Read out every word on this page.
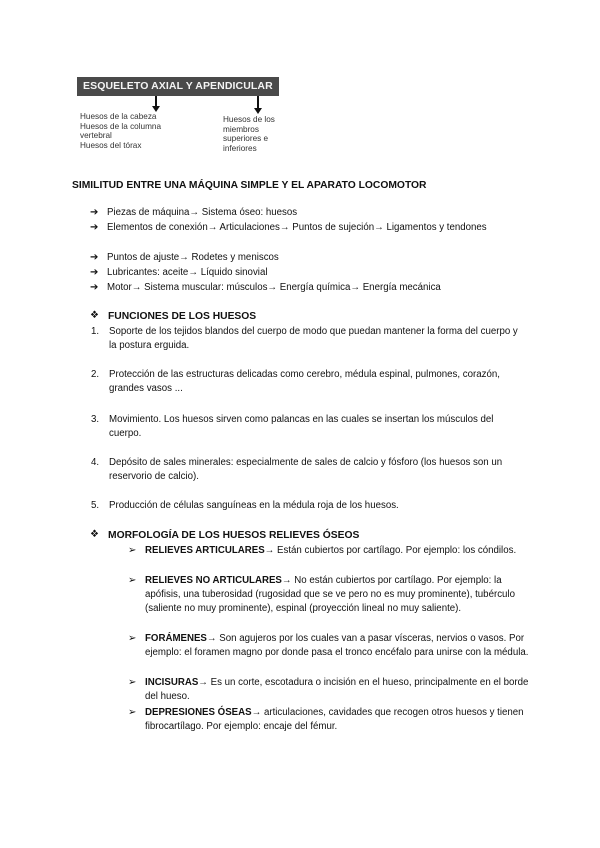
ESQUELETO AXIAL Y APENDICULAR
Huesos de la cabeza
Huesos de la columna
vertebral
Huesos del tórax
Huesos de los
miembros
superiores e
inferiores
SIMILITUD ENTRE UNA MÁQUINA SIMPLE Y EL APARATO LOCOMOTOR
➔ Piezas de máquina→ Sistema óseo: huesos
➔ Elementos de conexión→ Articulaciones→ Puntos de sujeción→ Ligamentos y tendones
➔ Puntos de ajuste→ Rodetes y meniscos
➔ Lubricantes: aceite→ Líquido sinovial
➔ Motor→ Sistema muscular: músculos→ Energía química→ Energía mecánica
❖ FUNCIONES DE LOS HUESOS
1. Soporte de los tejidos blandos del cuerpo de modo que puedan mantener la forma del cuerpo y la postura erguida.
2. Protección de las estructuras delicadas como cerebro, médula espinal, pulmones, corazón, grandes vasos ...
3. Movimiento. Los huesos sirven como palancas en las cuales se insertan los músculos del cuerpo.
4. Depósito de sales minerales: especialmente de sales de calcio y fósforo (los huesos son un reservorio de calcio).
5. Producción de células sanguíneas en la médula roja de los huesos.
❖ MORFOLOGÍA DE LOS HUESOS RELIEVES ÓSEOS
➢ RELIEVES ARTICULARES→ Están cubiertos por cartílago. Por ejemplo: los cóndilos.
➢ RELIEVES NO ARTICULARES→ No están cubiertos por cartílago. Por ejemplo: la apófisis, una tuberosidad (rugosidad que se ve pero no es muy prominente), tubérculo (saliente no muy prominente), espinal (proyección lineal no muy saliente).
➢ FORÁMENES→ Son agujeros por los cuales van a pasar vísceras, nervios o vasos. Por ejemplo: el foramen magno por donde pasa el tronco encéfalo para unirse con la médula.
➢ INCISURAS→ Es un corte, escotadura o incisión en el hueso, principalmente en el borde del hueso.
➢ DEPRESIONES ÓSEAS→ articulaciones, cavidades que recogen otros huesos y tienen fibrocartílago. Por ejemplo: encaje del fémur.
